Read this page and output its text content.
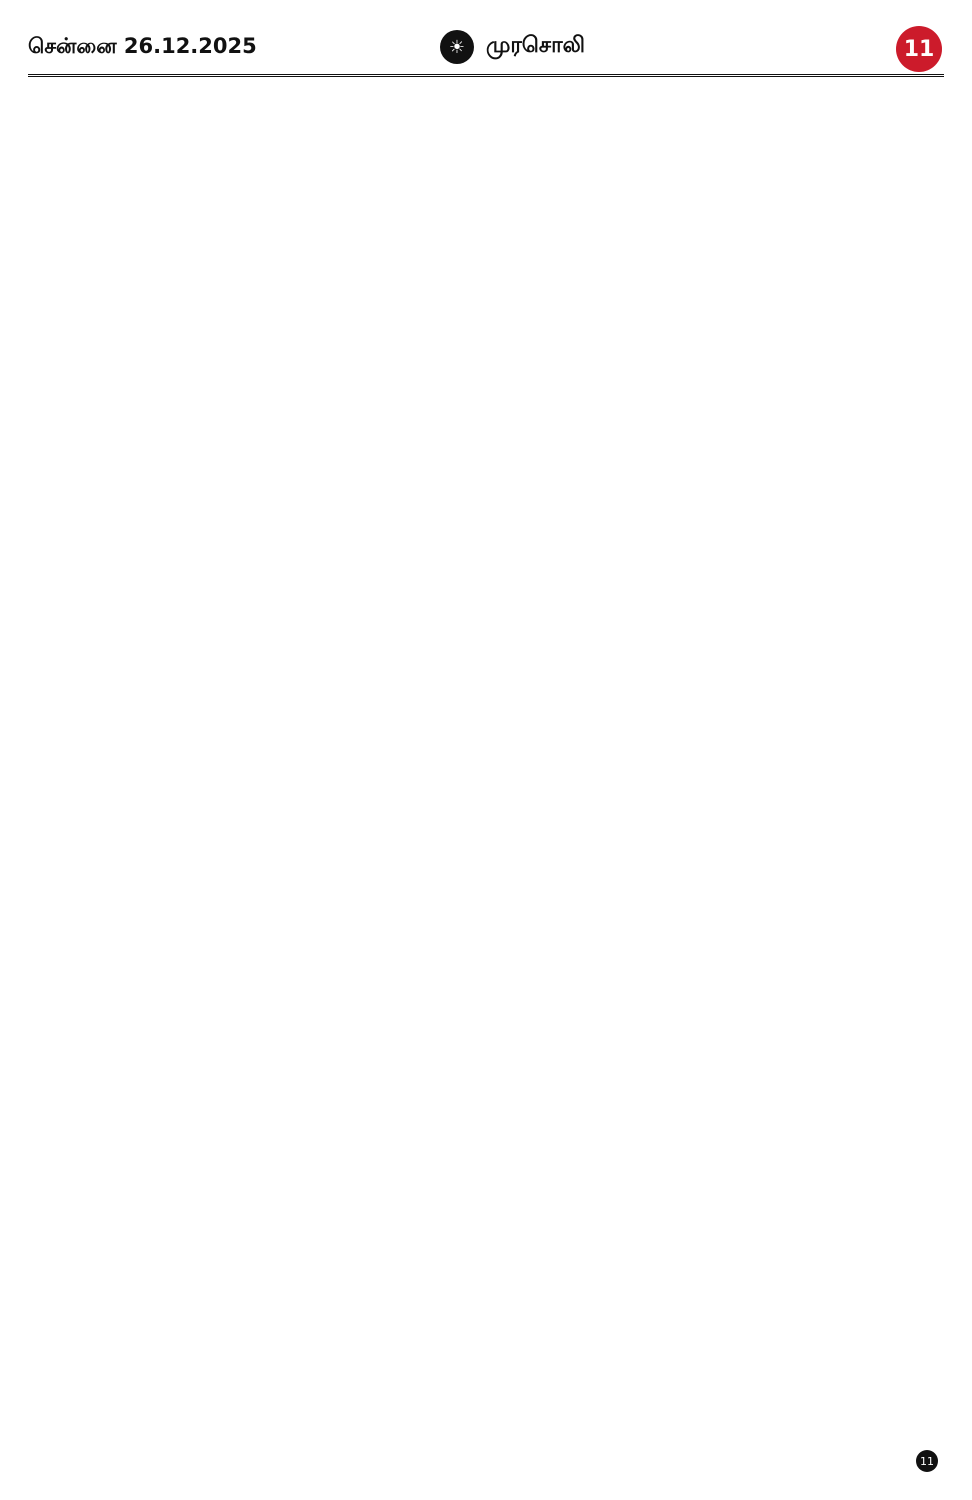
சென்னை 26.12.2025	☀ முரசொலி	11
11
